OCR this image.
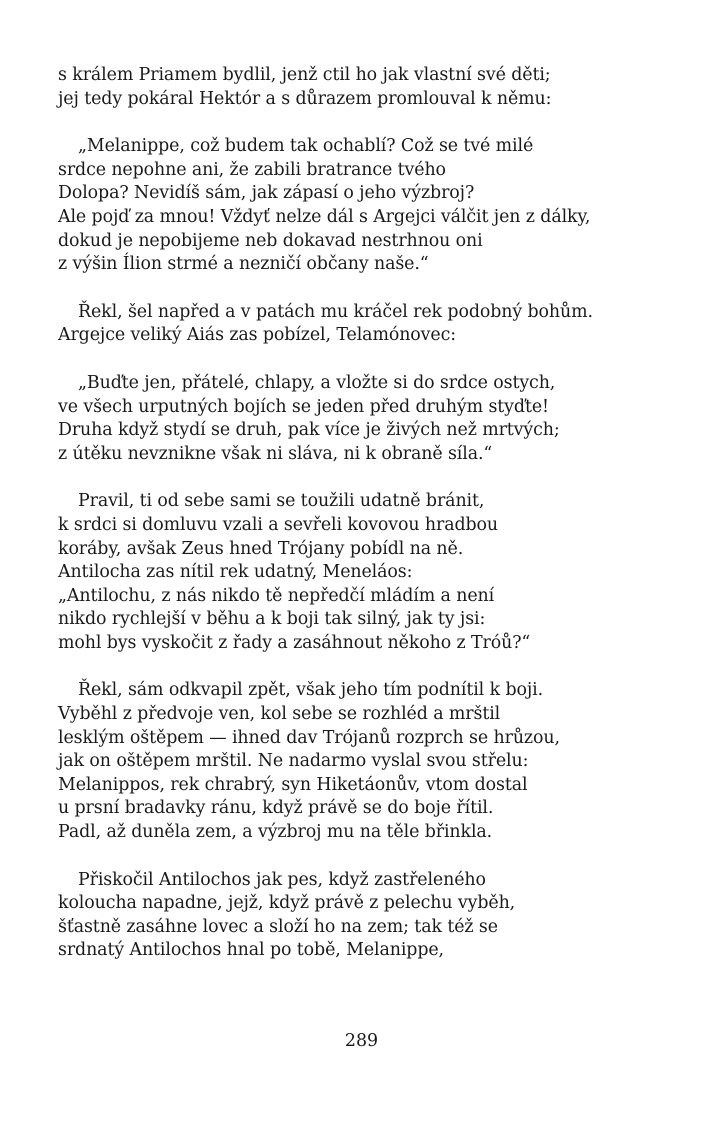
s králem Priamem bydlil, jenž ctil ho jak vlastní své děti;
jej tedy pokáral Hektór a s důrazem promlouval k němu:
„Melanippe, což budem tak ochablí? Což se tvé milé
srdce nepohne ani, že zabili bratrance tvého
Dolopa? Nevidíš sám, jak zápasí o jeho výzbroj?
Ale pojď za mnou! Vždyť nelze dál s Argejci válčit jen z dálky,
dokud je nepobijeme neb dokavad nestrhnou oni
z výšin Ílion strmé a nezničí občany naše.“
Řekl, šel napřed a v patách mu kráčel rek podobný bohům.
Argejce veliký Aiás zas pobízel, Telamónovec:
„Buďte jen, přátelé, chlapy, a vložte si do srdce ostych,
ve všech urputných bojích se jeden před druhým styďte!
Druha když stydí se druh, pak více je živých než mrtvých;
z útěku nevznikne však ni sláva, ni k obraně síla.“
Pravil, ti od sebe sami se toužili udatně bránit,
k srdci si domluvu vzali a sevřeli kovovou hradbou
koráby, avšak Zeus hned Trójany pobídl na ně.
Antilocha zas nítil rek udatný, Meneláos:
„Antilochu, z nás nikdo tě nepředčí mládím a není
nikdo rychlejší v běhu a k boji tak silný, jak ty jsi:
mohl bys vyskočit z řady a zasáhnout někoho z Tróů?“
Řekl, sám odkvapil zpět, však jeho tím podnítil k boji.
Vyběhl z předvoje ven, kol sebe se rozhléd a mrštil
lesklým oštěpem — ihned dav Trójanů rozprch se hrůzou,
jak on oštěpem mrštil. Ne nadarmo vyslal svou střelu:
Melanippos, rek chrabrý, syn Hiketáonův, vtom dostal
u prsní bradavky ránu, když právě se do boje řítil.
Padl, až duněla zem, a výzbroj mu na těle břinkla.
Přiskočil Antilochos jak pes, když zastřeleného
kolouchа napadne, jejž, když právě z pelechu vyběh,
šťastně zasáhne lovec a složí ho na zem; tak též se
srdnatý Antilochos hnal po tobě, Melanippe,
289
